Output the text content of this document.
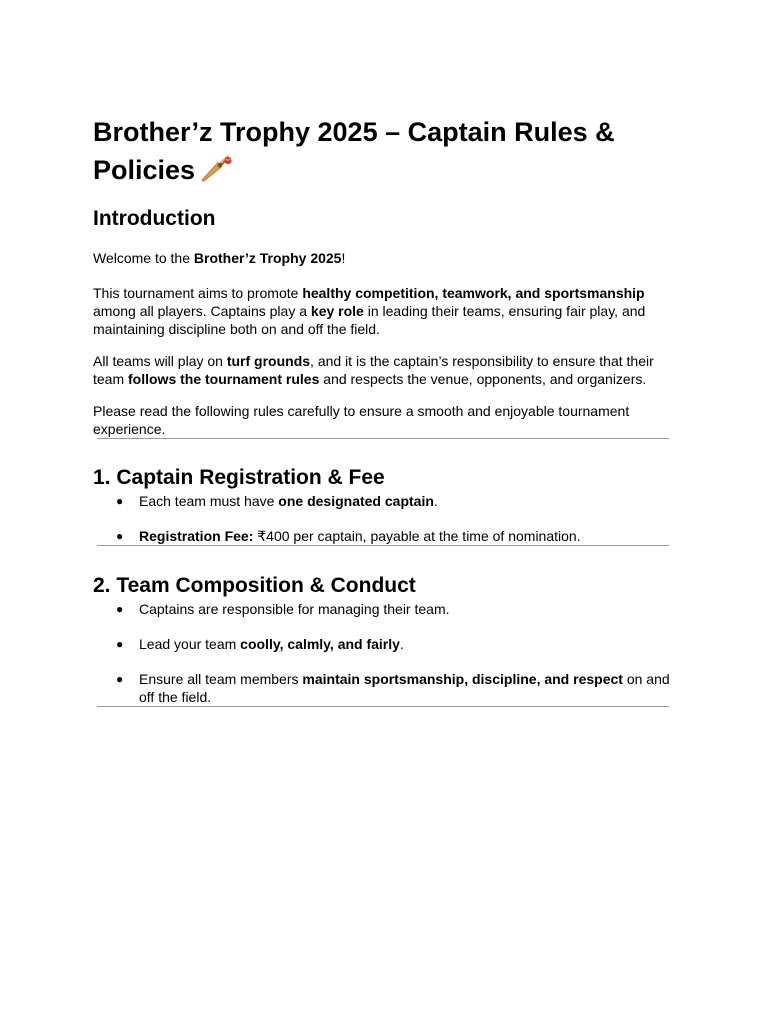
Brother’z Trophy 2025 – Captain Rules & Policies
Introduction

Welcome to the Brother’z Trophy 2025!

This tournament aims to promote healthy competition, teamwork, and sportsmanship among all players. Captains play a key role in leading their teams, ensuring fair play, and maintaining discipline both on and off the field.

All teams will play on turf grounds, and it is the captain’s responsibility to ensure that their team follows the tournament rules and respects the venue, opponents, and organizers.

Please read the following rules carefully to ensure a smooth and enjoyable tournament experience.

1. Captain Registration & Fee
● Each team must have one designated captain.
● Registration Fee: ₹400 per captain, payable at the time of nomination.
2. Team Composition & Conduct
● Captains are responsible for managing their team.
● Lead your team coolly, calmly, and fairly.
● Ensure all team members maintain sportsmanship, discipline, and respect on and off the field.
